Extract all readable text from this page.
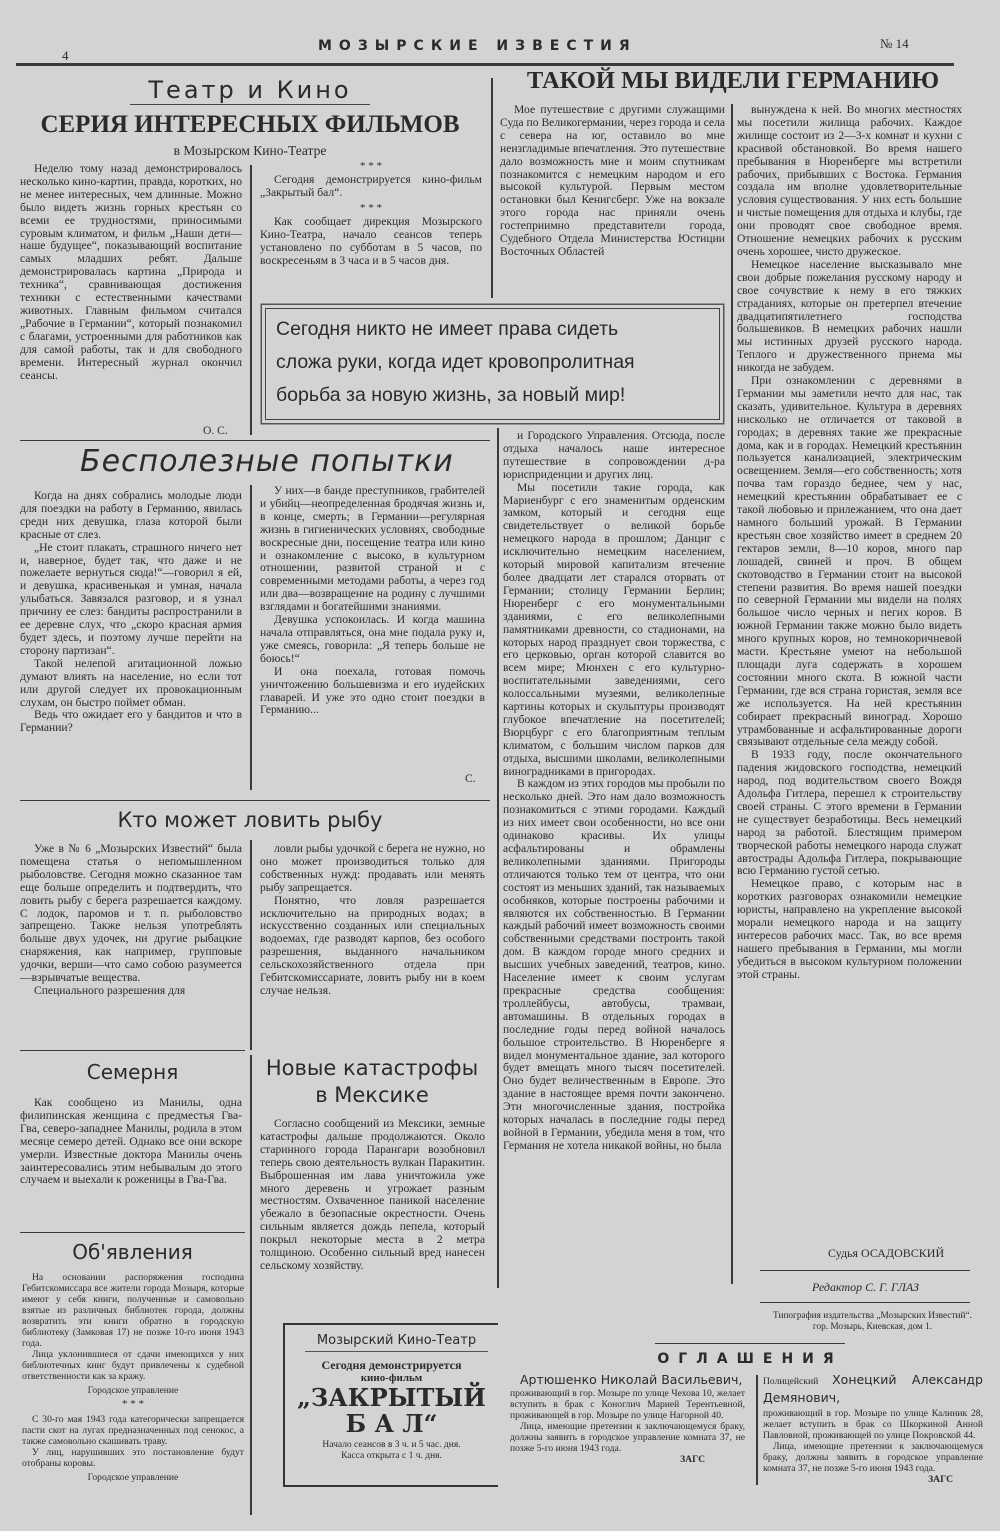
4
МОЗЫРСКИЕ ИЗВЕСТИЯ	№ 14
Театр и Кино
СЕРИЯ ИНТЕРЕСНЫХ ФИЛЬМОВ
в Мозырском Кино-Театре

Неделю тому назад демонстрировалось несколько кино-картин, правда, коротких, но не менее интересных, чем длинные. Можно было видеть жизнь горных крестьян со всеми ее трудностями, приносимыми суровым климатом, и фильм „Наши дети—наше будущее“, показывающий воспитание самых младших ребят. Дальше демонстрировалась картина „Природа и техника“, сравнивающая достижения техники с естественными качествами животных. Главным фильмом считался „Рабочие в Германии“, который познакомил с благами, устроенными для работников как для самой работы, так и для свободного времени. Интересный журнал окончил сеансы.

О. С.
* * *

Сегодня демонстрируется кино-фильм „Закрытый бал“.

* * *

Как сообщает дирекция Мозырского Кино-Театра, начало сеансов теперь установлено по субботам в 5 часов, по воскресеньям в 3 часа и в 5 часов дня.

Сегодня никто не имеет права сидеть
сложа руки, когда идет кровопролитная
борьба за новую жизнь, за новый мир!
ТАКОЙ МЫ ВИДЕЛИ ГЕРМАНИЮ

Мое путешествие с другими служащими Суда по Великогермании, через города и села с севера на юг, оставило во мне неизгладимые впечатления. Это путешествие дало возможность мне и моим спутникам познакомится с немецким народом и его высокой культурой. Первым местом остановки был Кенигсберг. Уже на вокзале этого города нас приняли очень гостеприимно представители города, Судебного Отдела Министерства Юстиции Восточных Областей

вынуждена к ней. Во многих местностях мы посетили жилища рабочих. Каждое жилище состоит из 2—3-х комнат и кухни с красивой обстановкой. Во время нашего пребывания в Нюренберге мы встретили рабочих, прибывших с Востока. Германия создала им вполне удовлетворительные условия существования. У них есть большие и чистые помещения для отдыха и клубы, где они проводят свое свободное время. Отношение немецких рабочих к русским очень хорошее, чисто дружеское.

Немецкое население высказывало мне свои добрые пожелания русскому народу и свое сочувствие к нему в его тяжких страданиях, которые он претерпел втечение двадцатипятилетнего господства большевиков. В немецких рабочих нашли мы истинных друзей русского народа. Теплого и дружественного приема мы никогда не забудем.

При ознакомлении с деревнями в Германии мы заметили нечто для нас, так сказать, удивительное. Культура в деревнях нисколько не отличается от таковой в городах; в деревнях такие же прекрасные дома, как и в городах. Немецкий крестьянин пользуется канализацией, электрическим освещением. Земля—его собственность; хотя почва там гораздо беднее, чем у нас, немецкий крестьянин обрабатывает ее с такой любовью и прилежанием, что она дает намного больший урожай. В Германии крестьян свое хозяйство имеет в среднем 20 гектаров земли, 8—10 коров, много пар лошадей, свиней и проч. В общем скотоводство в Германии стоит на высокой степени развития. Во время нашей поездки по северной Германии мы видели на полях большое число черных и пегих коров. В южной Германии также можно было видеть много крупных коров, но темнокоричневой масти. Крестьяне умеют на небольшой площади луга содержать в хорошем состоянии много скота. В южной части Германии, где вся страна гористая, земля все же используется. На ней крестьянин собирает прекрасный виноград. Хорошо утрамбованные и асфальтированные дороги связывают отдельные села между собой.

В 1933 году, после окончательного падения жидовского господства, немецкий народ, под водительством своего Вождя Адольфа Гитлера, перешел к строительству своей страны. С этого времени в Германии не существует безработицы. Весь немецкий народ за работой. Блестящим примером творческой работы немецкого народа служат автострады Адольфа Гитлера, покрывающие всю Германию густой сетью.

Немецкое право, с которым нас в коротких разговорах ознакомили немецкие юристы, направлено на укрепление высокой морали немецкого народа и на защиту интересов рабочих масс. Так, во все время нашего пребывания в Германии, мы могли убедиться в высоком культурном положении этой страны.

Судья ОСАДОВСКИЙ

и Городского Управления. Отсюда, после отдыха началось наше интересное путешествие в сопровождении д-ра юрисприденции и других лиц.

Мы посетили такие города, как Мариенбург с его знаменитым орденским замком, который и сегодня еще свидетельствует о великой борьбе немецкого народа в прошлом; Данциг с исключительно немецким населением, который мировой капитализм втечение более двадцати лет старался оторвать от Германии; столицу Германии Берлин; Нюренберг с его монументальными зданиями, с его великолепными памятниками древности, со стадионами, на которых народ празднует свои торжества, с его церковью, орган которой славится во всем мире; Мюнхен с его культурно-воспитательными заведениями, сего колоссальными музеями, великолепные картины которых и скульптуры производят глубокое впечатление на посетителей; Вюрцбург с его благоприятным теплым климатом, с большим числом парков для отдыха, высшими школами, великолепными виноградниками в пригородах.

В каждом из этих городов мы пробыли по несколько дней. Это нам дало возможность познакомиться с этими городами. Каждый из них имеет свои особенности, но все они одинаково красивы. Их улицы асфальтированы и обрамлены великолепными зданиями. Пригороды отличаются только тем от центра, что они состоят из меньших зданий, так называемых особняков, которые построены рабочими и являются их собственностью. В Германии каждый рабочий имеет возможность своими собственными средствами построить такой дом. В каждом городе много средних и высших учебных заведений, театров, кино. Население имеет к своим услугам прекрасные средства сообщения: троллейбусы, автобусы, трамваи, автомашины. В отдельных городах в последние годы перед войной началось большое строительство. В Нюренберге я видел монументальное здание, зал которого будет вмещать много тысяч посетителей. Оно будет величественным в Европе. Это здание в настоящее время почти закончено. Эти многочисленные здания, постройка которых началась в последние годы перед войной в Германии, убедила меня в том, что Германия не хотела никакой войны, но была

Бесполезные попытки

Когда на днях собрались молодые люди для поездки на работу в Германию, явилась среди них девушка, глаза которой были красные от слез.

„Не стоит плакать, страшного ничего нет и, наверное, будет так, что даже и не пожелаете вернуться сюда!“—говорил я ей, и девушка, красивенькая и умная, начала улыбаться. Завязался разговор, и я узнал причину ее слез: бандиты распространили в ее деревне слух, что „скоро красная армия будет здесь, и поэтому лучше перейти на сторону партизан“.

Такой нелепой агитационной ложью думают влиять на население, но если тот или другой следует их провокационным слухам, он быстро поймет обман.

Ведь что ожидает его у бандитов и что в Германии?

У них—в банде преступников, грабителей и убийц—неопределенная бродячая жизнь и, в конце, смерть; в Германии—регулярная жизнь в гигиенических условиях, свободные воскресные дни, посещение театра или кино и ознакомление с высоко, в культурном отношении, развитой страной и с современными методами работы, а через год или два—возвращение на родину с лучшими взглядами и богатейшими знаниями.

Девушка успокоилась. И когда машина начала отправляться, она мне подала руку и, уже смеясь, говорила: „Я теперь больше не боюсь!“

И она поехала, готовая помочь уничтожению большевизма и его иудейских главарей. И уже это одно стоит поездки в Германию...

С.
Кто может ловить рыбу

Уже в № 6 „Мозырских Известий“ была помещена статья о непомышленном рыболовстве. Сегодня можно сказанное там еще больше определить и подтвердить, что ловить рыбу с берега разрешается каждому. С лодок, паромов и т. п. рыболовство запрещено. Также нельзя употреблять больше двух удочек, ни другие рыбацкие снаряжения, как например, групповые удочки, верши—что само собою разумеется—взрывчатые вещества.

Специального разрешения для

ловли рыбы удочкой с берега не нужно, но оно может производиться только для собственных нужд: продавать или менять рыбу запрещается.

Понятно, что ловля разрешается исключительно на природных водах; в искусственно созданных или специальных водоемах, где разводят карпов, без особого разрешения, выданного начальником сельскохозяйственного отдела при Гебитскомиссариате, ловить рыбу ни в коем случае нельзя.

Семерня

Как сообщено из Манилы, одна филипинская женщина с предместья Гва-Гва, северо-западнее Манилы, родила в этом месяце семеро детей. Однако все они вскоре умерли. Известные доктора Манилы очень заинтересовались этим небывалым до этого случаем и выехали к роженицы в Гва-Гва.

Новые катастрофы
в Мексике

Согласно сообщений из Мексики, земные катастрофы дальше продолжаются. Около старинного города Парангари возобновил теперь свою деятельность вулкан Паракитин. Выброшенная им лава уничтожила уже много деревень и угрожает разным местностям. Охваченное паникой население убежало в безопасные окрестности. Очень сильным является дождь пепела, который покрыл некоторые места в 2 метра толщиною. Особенно сильный вред нанесен сельскому хозяйству.

Об'явления

На основании распоряжения господина Гебитскомиссара все жители города Мозыря, которые имеют у себя книги, полученные и самовольно взятые из различных библиотек города, должны возвратить эти книги обратно в городскую библиотеку (Замковая 17) не позже 10-го июня 1943 года.

Лица уклонившиеся от сдачи имеющихся у них библиотечных книг будут привлечены к судебной ответственности как за кражу.

Городское управление
* * *

С 30-го мая 1943 года категорически запрещается пасти скот на лугах предназначенных под сенокос, а также самовольно скашивать траву.

У лиц, нарушивших это постановление будут отобраны коровы.

Городское управление
Мозырский Кино-Театр
Сегодня демонстрируется
кино-фильм
„ЗАКРЫТЫЙ
Б А Л“
Начало сеансов в 3 ч. и 5 час. дня.
Касса открыта с 1 ч. дня.
Редактор С. Г. ГЛАЗ
Типография издательства „Мозырских Известий“. гор. Мозырь, Киевская, дом 1.
ОГЛАШЕНИЯ
Артюшенко Николай Васильевич,

проживающий в гор. Мозыре по улице Чехова 10, желает вступить в брак с Коноглич Марией Терентьевной, проживающей в гор. Мозыре по улице Нагорной 40.

Лица, имеющие претензии к заключающемуся браку, должны заявить в городское управление комната 37, не позже 5-го июня 1943 года.

ЗАГС
Полицейский Хонецкий Александр Демянович,

проживающий в гор. Мозыре по улице Калиник 28, желает вступить в брак со Шкоркиной Анной Павловной, проживающей по улице Покровской 44.

Лица, имеющие претензии к заключающемуся браку, должны заявить в городское управление комната 37, не позже 5-го июня 1943 года.

ЗАГС
